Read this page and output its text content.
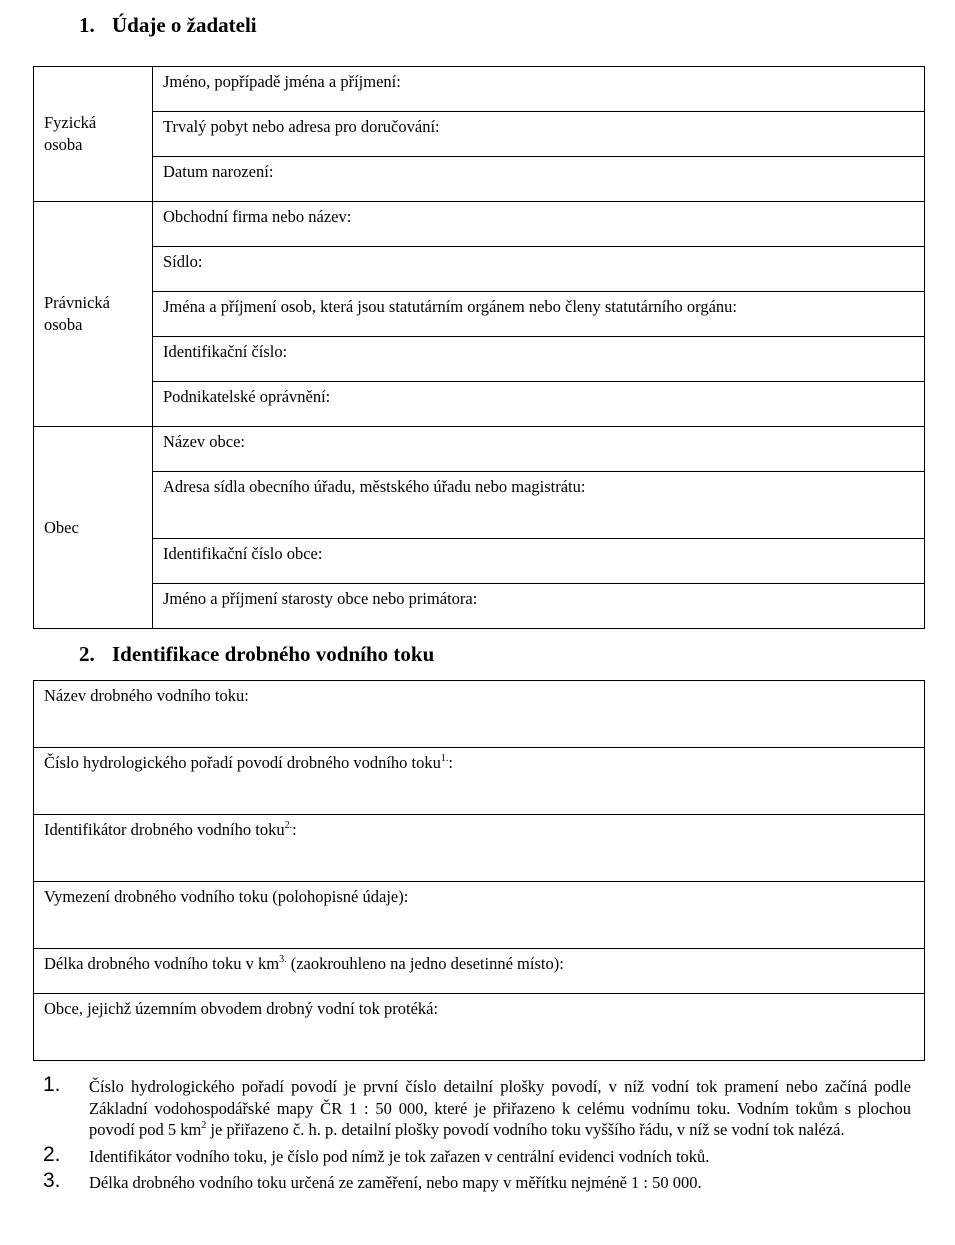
1. Údaje o žadateli
Fyzická
osoba	Jméno, popřípadě jména a příjmení:

	Trvalý pobyt nebo adresa pro doručování:

	Datum narození:

Právnická
osoba	Obchodní firma nebo název:

	Sídlo:

	Jména a příjmení osob, která jsou statutárním orgánem nebo členy statutárního orgánu:

	Identifikační číslo:

	Podnikatelské oprávnění:

Obec	Název obce:

	Adresa sídla obecního úřadu, městského úřadu nebo magistrátu:

	Identifikační číslo obce:

	Jméno a příjmení starosty obce nebo primátora:
2. Identifikace drobného vodního toku
Název drobného vodního toku:

Číslo hydrologického pořadí povodí drobného vodního toku$^{1.}$:

Identifikátor drobného vodního toku$^{2.}$:

Vymezení drobného vodního toku (polohopisné údaje):

Délka drobného vodního toku v $km^{3.}$ (zaokrouhleno na jedno desetinné místo):

Obce, jejichž územním obvodem drobný vodní tok protéká:
1.	Číslo hydrologického pořadí povodí je první číslo detailní plošky povodí, v níž vodní tok pramení nebo začíná podle Základní vodohospodářské mapy ČR 1 : 50 000, které je přiřazeno k celému vodnímu toku. Vodním tokům s plochou povodí pod 5 $km^2$ je přiřazeno č. h. p. detailní plošky povodí vodního toku vyššího řádu, v níž se vodní tok nalézá.
2.	Identifikátor vodního toku, je číslo pod nímž je tok zařazen v centrální evidenci vodních toků.
3.	Délka drobného vodního toku určená ze zaměření, nebo mapy v měřítku nejméně 1 : 50 000.
